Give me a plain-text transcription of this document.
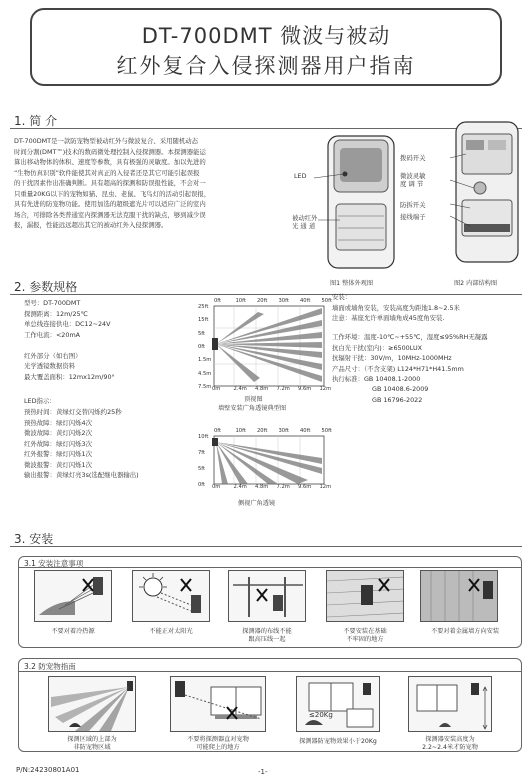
DT-700DMT 微波与被动
红外复合入侵探测器用户指南
1. 简 介
DT-700DMT是一款防宠物型被动红外与微波复合、采用随机动态
时间分割(DMT™)技术的数码微处理控制入侵探测器。本探测器能运
算出移动物体的体积、速度等参数，具有极强的灵敏度。加以先进的
“生物仿真识别”软件能使其对真正的入侵者还是其它可能引起误报
的干扰因素作出准确判断。具有超高的探测和防误报性能，不会对一
只重量20KG以下的宠物如猫、昆虫、老鼠、飞鸟灯的活动引起误报，
具有先进的防宠物功能。使用加选的超级遮光片可以适应广泛的室内
场合，可排除各类普通室内探测器无法克服干扰的缺点，够到减少误
报，漏报，性能远远超出其它的被动红外入侵探测器。
LED
被动红外
光 通 道
图1 整体外观图
拨码开关
微波灵敏
度 调 节
防拆开关
接线端子
图2 内部结构图
2. 参数规格
型号：DT-700DMT
探测距离：12m/25℃
单总线连接供电：DC12~24V
工作电流：<20mA

红外部分（如右图）
光学透镜数据资料
最大覆盖面积：12mx12m/90°
LED指示：
预热时间：黄绿灯交替闪烁约25秒
预热故障：绿灯闪烁4次
微波故障：黄灯闪烁2次
红外故障：绿灯闪烁3次
红外报警：绿灯闪烁1次
微波报警：黄灯闪烁1次
输出报警：黄绿灯亮3s(选配继电器输出)
0ft	10ft 20ft 30ft 40ft 50ft
25ft
15ft
5ft
0ft
1.5m
4.5m
7.5m 0m	2.4m 4.8m 7.2m 9.6m 12m
顶视图
墙壁安装广角透镜典型图
0ft	10ft 20ft 30ft 40ft 50ft
10ft
7ft
5ft
0ft 0m	2.4m 4.8m 7.2m 9.6m 12m
侧视广角透镜
安装：
墙面或墙角安装，安装高度为距地1.8~2.5米
注意：基座允许单面墙角成45度角安装.
工作环境：温度-10℃~+55℃，湿度≤95%RH无凝露
抗白光干扰(室内)：≥6500LUX
抗辐射干扰：30V/m，10MHz-1000MHz
产品尺寸：（不含支架) L124*H71*H41.5mm
执行标准：GB 10408.1-2000
GB 10408.6-2009
GB 16796-2022
3. 安装
3.1 安装注意事项
不要对着冷热源	不能正对太阳光	探测器的布线不能
跟高压线一起
不要安装在基础
不牢固的地方
不要对着金属墙方向安装
3.2 防宠物指南
≤20Kg
探测区域的上部为
非防宠物区域
不要将探测器直对宠物
可能爬上的地方
探测器防宠物效果小于20Kg	探测器安装高度为
2.2~2.4米才防宠物
P/N:24230801A01	-1-
